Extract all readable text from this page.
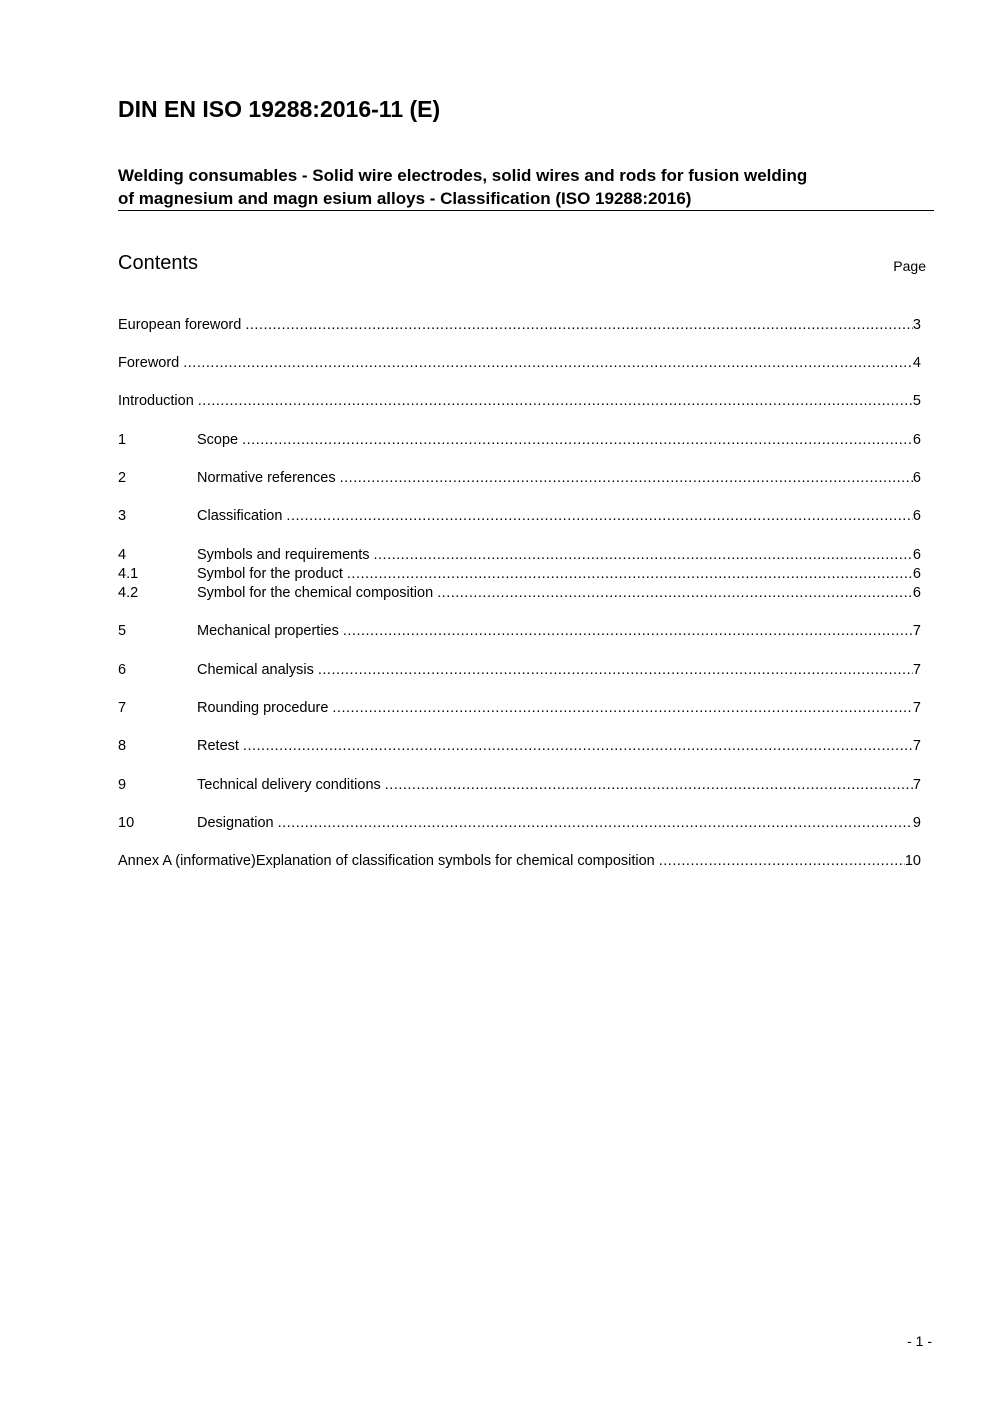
DIN EN ISO 19288:2016-11 (E)
Welding consumables - Solid wire electrodes, solid wires and rods for fusion welding
of magnesium and magn esium alloys - Classification (ISO 19288:2016)
Contents	Page
European foreword .....	3
Foreword .....	4
Introduction .....	5
1	Scope .....	6
2	Normative references .....	6
3	Classification .....	6
4	Symbols and requirements .....	6
4.1	Symbol for the product .....	6
4.2	Symbol for the chemical composition .....	6
5	Mechanical properties .....	7
6	Chemical analysis .....	7
7	Rounding procedure .....	7
8	Retest .....	7
9	Technical delivery conditions .....	7
10	Designation .....	9
Annex A (informative)Explanation of classification symbols for chemical composition .....	10
- 1 -
